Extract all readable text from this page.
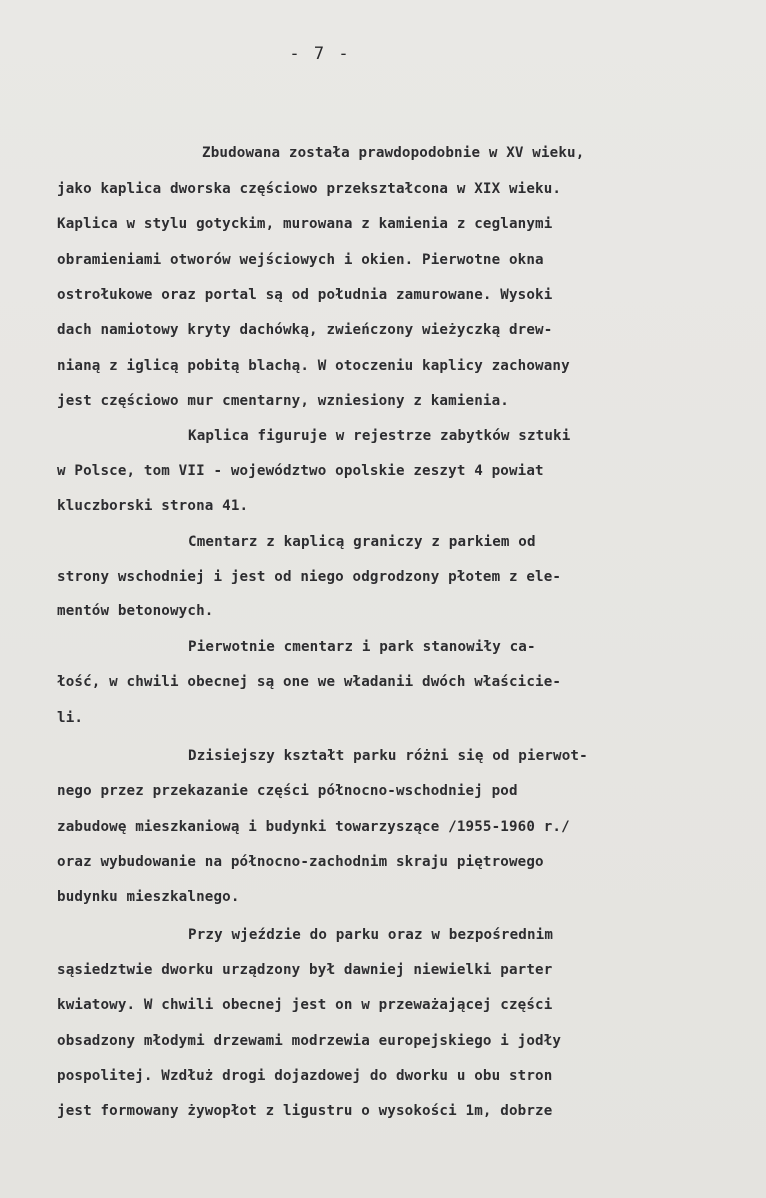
- 7 -
Zbudowana została prawdopodobnie w XV wieku,
jako kaplica dworska częściowo przekształcona w XIX wieku.
Kaplica w stylu gotyckim, murowana z kamienia z ceglanymi
obramieniami otworów wejściowych i okien. Pierwotne okna
ostrołukowe oraz portal są od południa zamurowane. Wysoki
dach namiotowy kryty dachówką, zwieńczony wieżyczką drew-
nianą z iglicą pobitą blachą. W otoczeniu kaplicy zachowany
jest częściowo mur cmentarny, wzniesiony z kamienia.
Kaplica figuruje w rejestrze zabytków sztuki
w Polsce, tom VII - województwo opolskie zeszyt 4 powiat
kluczborski strona 41.
Cmentarz z kaplicą graniczy z parkiem od
strony wschodniej i jest od niego odgrodzony płotem z ele-
mentów betonowych.
Pierwotnie cmentarz i park stanowiły ca-
łość, w chwili obecnej są one we władanii dwóch właścicie-
li.
Dzisiejszy kształt parku różni się od pierwot-
nego przez przekazanie części północno-wschodniej pod
zabudowę mieszkaniową i budynki towarzyszące /1955-1960 r./
oraz wybudowanie na północno-zachodnim skraju piętrowego
budynku mieszkalnego.
Przy wjeździe do parku oraz w bezpośrednim
sąsiedztwie dworku urządzony był dawniej niewielki parter
kwiatowy. W chwili obecnej jest on w przeważającej części
obsadzony młodymi drzewami modrzewia europejskiego i jodły
pospolitej. Wzdłuż drogi dojazdowej do dworku u obu stron
jest formowany żywopłot z ligustru o wysokości 1m, dobrze
